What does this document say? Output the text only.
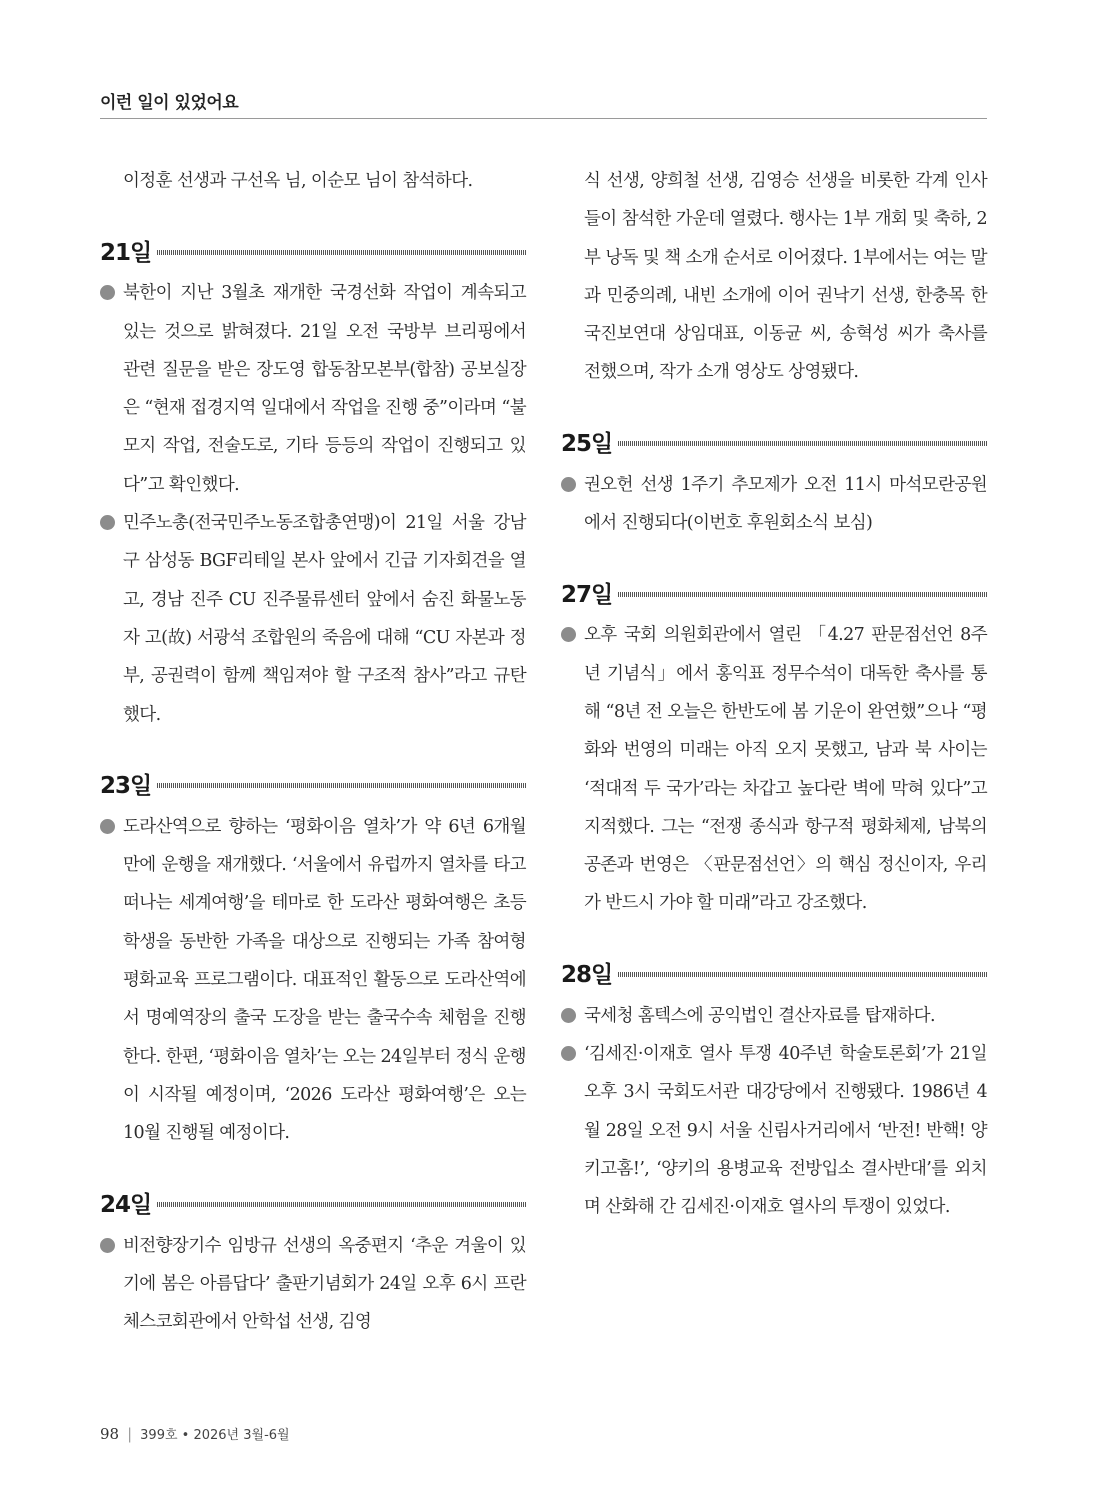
이런 일이 있었어요

이정훈 선생과 구선옥 님, 이순모 님이 참석하다.

21일
북한이 지난 3월초 재개한 국경선화 작업이 계속되고 있는 것으로 밝혀졌다. 21일 오전 국방부 브리핑에서 관련 질문을 받은 장도영 합동참모본부(합참) 공보실장은 “현재 접경지역 일대에서 작업을 진행 중”이라며 “불모지 작업, 전술도로, 기타 등등의 작업이 진행되고 있다”고 확인했다.
민주노총(전국민주노동조합총연맹)이 21일 서울 강남구 삼성동 BGF리테일 본사 앞에서 긴급 기자회견을 열고, 경남 진주 CU 진주물류센터 앞에서 숨진 화물노동자 고(故) 서광석 조합원의 죽음에 대해 “CU 자본과 정부, 공권력이 함께 책임져야 할 구조적 참사”라고 규탄했다.
23일
도라산역으로 향하는 ‘평화이음 열차’가 약 6년 6개월 만에 운행을 재개했다. ‘서울에서 유럽까지 열차를 타고 떠나는 세계여행’을 테마로 한 도라산 평화여행은 초등학생을 동반한 가족을 대상으로 진행되는 가족 참여형 평화교육 프로그램이다. 대표적인 활동으로 도라산역에서 명예역장의 출국 도장을 받는 출국수속 체험을 진행한다. 한편, ‘평화이음 열차’는 오는 24일부터 정식 운행이 시작될 예정이며, ‘2026 도라산 평화여행’은 오는 10월 진행될 예정이다.
24일
비전향장기수 임방규 선생의 옥중편지 ‘추운 겨울이 있기에 봄은 아름답다’ 출판기념회가 24일 오후 6시 프란체스코회관에서 안학섭 선생, 김영

식 선생, 양희철 선생, 김영승 선생을 비롯한 각계 인사들이 참석한 가운데 열렸다. 행사는 1부 개회 및 축하, 2부 낭독 및 책 소개 순서로 이어졌다. 1부에서는 여는 말과 민중의례, 내빈 소개에 이어 권낙기 선생, 한충목 한국진보연대 상임대표, 이동균 씨, 송혁성 씨가 축사를 전했으며, 작가 소개 영상도 상영됐다.

25일
권오헌 선생 1주기 추모제가 오전 11시 마석모란공원에서 진행되다(이번호 후원회소식 보심)
27일
오후 국회 의원회관에서 열린 「4.27 판문점선언 8주년 기념식」에서 홍익표 정무수석이 대독한 축사를 통해 “8년 전 오늘은 한반도에 봄 기운이 완연했”으나 “평화와 번영의 미래는 아직 오지 못했고, 남과 북 사이는 ‘적대적 두 국가’라는 차갑고 높다란 벽에 막혀 있다”고 지적했다. 그는 “전쟁 종식과 항구적 평화체제, 남북의 공존과 번영은 〈판문점선언〉의 핵심 정신이자, 우리가 반드시 가야 할 미래”라고 강조했다.
28일
국세청 홈텍스에 공익법인 결산자료를 탑재하다.
‘김세진·이재호 열사 투쟁 40주년 학술토론회’가 21일 오후 3시 국회도서관 대강당에서 진행됐다. 1986년 4월 28일 오전 9시 서울 신림사거리에서 ‘반전! 반핵! 양키고홈!’, ‘양키의 용병교육 전방입소 결사반대’를 외치며 산화해 간 김세진·이재호 열사의 투쟁이 있었다.
98 | 399호 • 2026년 3월-6월
